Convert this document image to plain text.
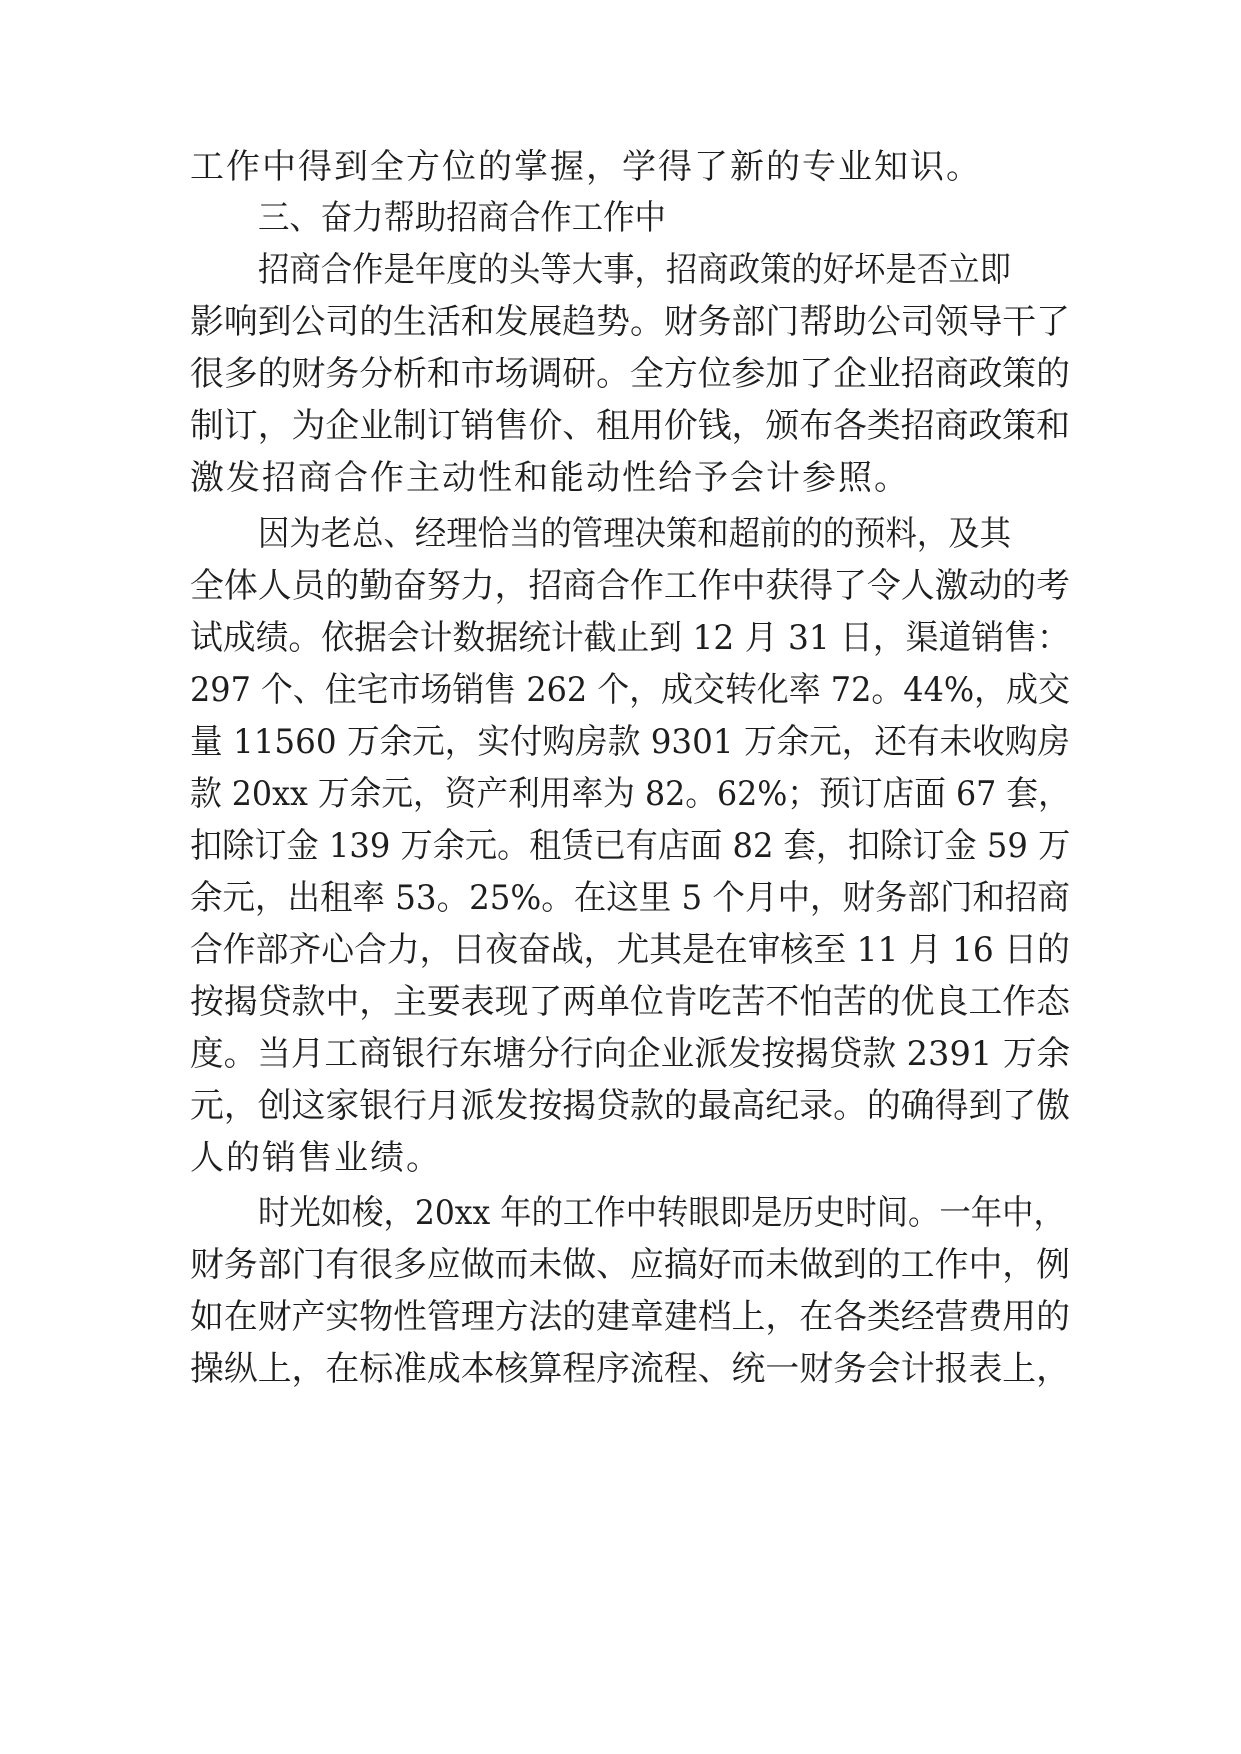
工作中得到全方位的掌握，学得了新的专业知识。
三、奋力帮助招商合作工作中
招商合作是年度的头等大事，招商政策的好坏是否立即
影响到公司的生活和发展趋势。财务部门帮助公司领导干了
很多的财务分析和市场调研。全方位参加了企业招商政策的
制订，为企业制订销售价、租用价钱，颁布各类招商政策和
激发招商合作主动性和能动性给予会计参照。
因为老总、经理恰当的管理决策和超前的的预料，及其
全体人员的勤奋努力，招商合作工作中获得了令人激动的考
试成绩。依据会计数据统计截止到 12 月 31 日，渠道销售：
297 个、住宅市场销售 262 个，成交转化率 72。44%，成交
量 11560 万余元，实付购房款 9301 万余元，还有未收购房
款 20xx 万余元，资产利用率为 82。62%；预订店面 67 套，
扣除订金 139 万余元。租赁已有店面 82 套，扣除订金 59 万
余元，出租率 53。25%。在这里 5 个月中，财务部门和招商
合作部齐心合力，日夜奋战，尤其是在审核至 11 月 16 日的
按揭贷款中，主要表现了两单位肯吃苦不怕苦的优良工作态
度。当月工商银行东塘分行向企业派发按揭贷款 2391 万余
元，创这家银行月派发按揭贷款的最高纪录。的确得到了傲
人的销售业绩。
时光如梭，20xx 年的工作中转眼即是历史时间。一年中，
财务部门有很多应做而未做、应搞好而未做到的工作中，例
如在财产实物性管理方法的建章建档上，在各类经营费用的
操纵上，在标准成本核算程序流程、统一财务会计报表上，
